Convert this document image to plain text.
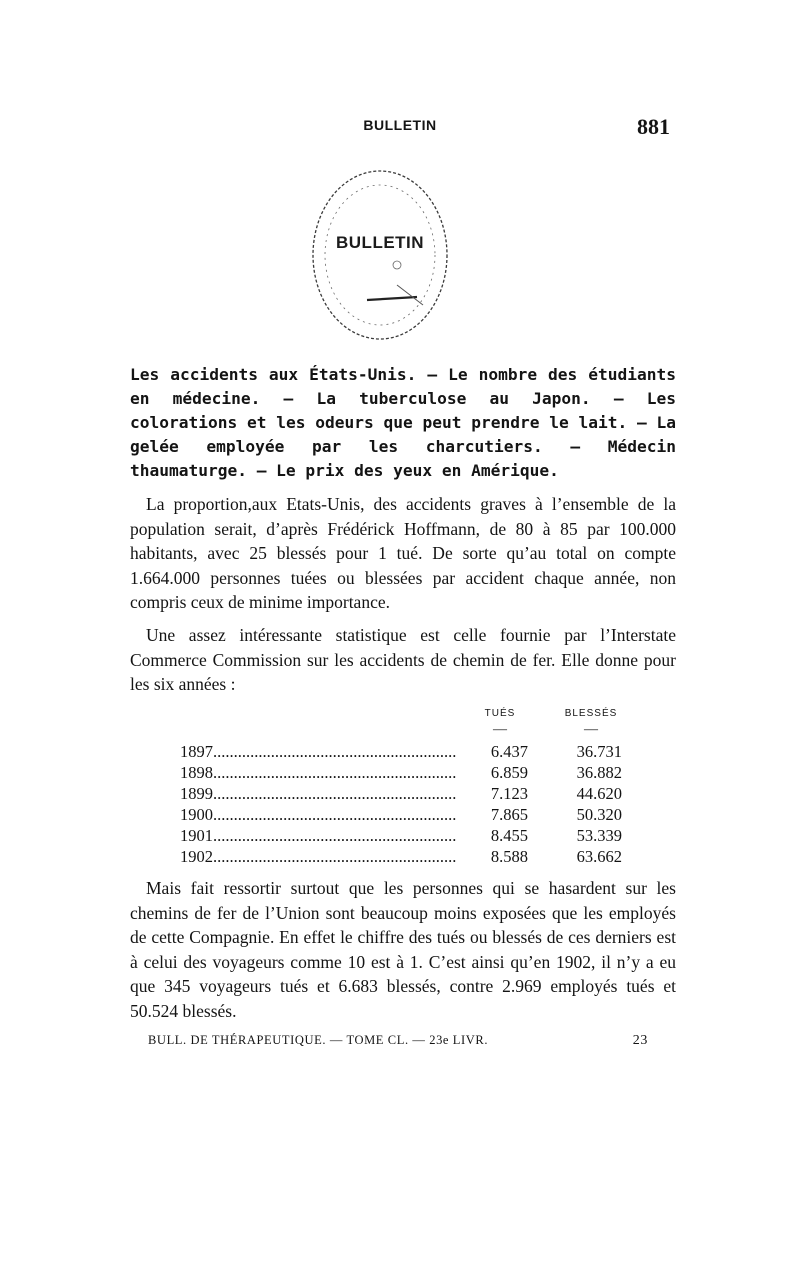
BULLETIN	881
BULLETIN
Les accidents aux États-Unis. — Le nombre des étudiants en médecine. — La tuberculose au Japon. — Les colorations et les odeurs que peut prendre le lait. — La gelée employée par les charcutiers. — Médecin thaumaturge. — Le prix des yeux en Amérique.
La proportion,aux Etats-Unis, des accidents graves à l’ensemble de la population serait, d’après Frédérick Hoffmann, de 80 à 85 par 100.000 habitants, avec 25 blessés pour 1 tué. De sorte qu’au total on compte 1.664.000 personnes tuées ou blessées par accident chaque année, non compris ceux de minime importance.
Une assez intéressante statistique est celle fournie par l’Interstate Commerce Commission sur les accidents de chemin de fer. Elle donne pour les six années :
TUÉS	BLESSÉS
—	—
1897...........................................................	6.437	36.731
1898...........................................................	6.859	36.882
1899...........................................................	7.123	44.620
1900...........................................................	7.865	50.320
1901...........................................................	8.455	53.339
1902...........................................................	8.588	63.662
Mais fait ressortir surtout que les personnes qui se hasardent sur les chemins de fer de l’Union sont beaucoup moins exposées que les employés de cette Compagnie. En effet le chiffre des tués ou blessés de ces derniers est à celui des voyageurs comme 10 est à 1. C’est ainsi qu’en 1902, il n’y a eu que 345 voyageurs tués et 6.683 blessés, contre 2.969 employés tués et 50.524 blessés.
BULL. DE THÉRAPEUTIQUE. — TOME CL. — 23e LIVR.	23
